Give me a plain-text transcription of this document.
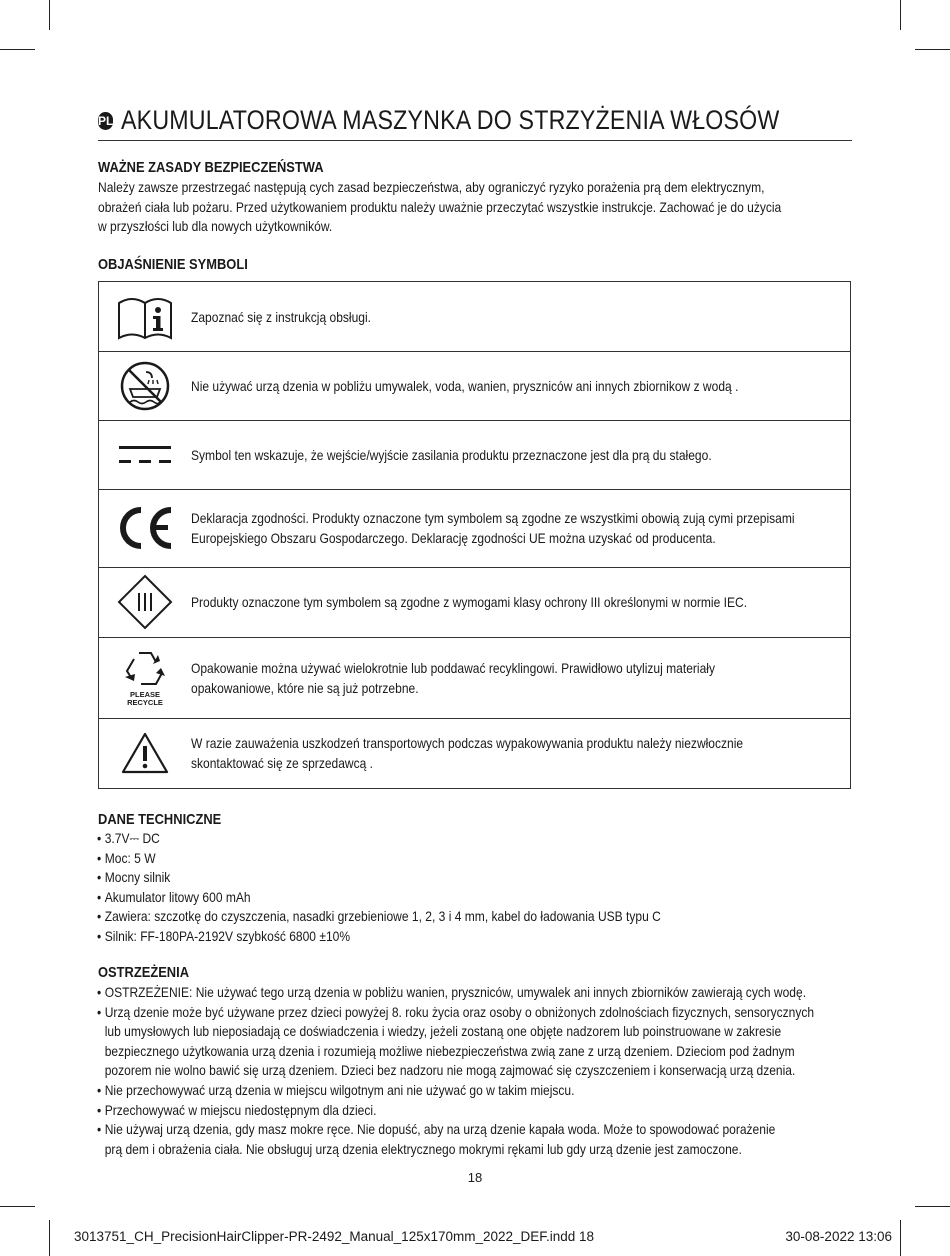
PL AKUMULATOROWA MASZYNKA DO STRZYŻENIA WŁOSÓW
WAŻNE ZASADY BEZPIECZEŃSTWA
Należy zawsze przestrzegać następują cych zasad bezpieczeństwa, aby ograniczyć ryzyko porażenia prą dem elektrycznym,
obrażeń ciała lub pożaru. Przed użytkowaniem produktu należy uważnie przeczytać wszystkie instrukcje. Zachować je do użycia
w przyszłości lub dla nowych użytkowników.
OBJAŚNIENIE SYMBOLI
Zapoznać się z instrukcją obsługi.
Nie używać urzą dzenia w pobliżu umywalek, voda, wanien, pryszniców ani innych zbiornikow z wodą .
Symbol ten wskazuje, że wejście/wyjście zasilania produktu przeznaczone jest dla prą du stałego.
Deklaracja zgodności. Produkty oznaczone tym symbolem są zgodne ze wszystkimi obowią zują cymi przepisami
Europejskiego Obszaru Gospodarczego. Deklarację zgodności UE można uzyskać od producenta.
Produkty oznaczone tym symbolem są zgodne z wymogami klasy ochrony III określonymi w normie IEC.
PLEASE
RECYCLE
Opakowanie można używać wielokrotnie lub poddawać recyklingowi. Prawidłowo utylizuj materiały
opakowaniowe, które nie są już potrzebne.
W razie zauważenia uszkodzeń transportowych podczas wypakowywania produktu należy niezwłocznie
skontaktować się ze sprzedawcą .
DANE TECHNICZNE
• 3.7V⎓ DC
• Moc: 5 W
• Mocny silnik
• Akumulator litowy 600 mAh
• Zawiera: szczotkę do czyszczenia, nasadki grzebieniowe 1, 2, 3 i 4 mm, kabel do ładowania USB typu C
• Silnik: FF-180PA-2192V szybkość 6800 ±10%
OSTRZEŻENIA
• OSTRZEŻENIE: Nie używać tego urzą dzenia w pobliżu wanien, pryszniców, umywalek ani innych zbiorników zawierają cych wodę.
• Urzą dzenie może być używane przez dzieci powyżej 8. roku życia oraz osoby o obniżonych zdolnościach fizycznych, sensorycznych
lub umysłowych lub nieposiadają ce doświadczenia i wiedzy, jeżeli zostaną one objęte nadzorem lub poinstruowane w zakresie
bezpiecznego użytkowania urzą dzenia i rozumieją możliwe niebezpieczeństwa zwią zane z urzą dzeniem. Dzieciom pod żadnym
pozorem nie wolno bawić się urzą dzeniem. Dzieci bez nadzoru nie mogą zajmować się czyszczeniem i konserwacją urzą dzenia.
• Nie przechowywać urzą dzenia w miejscu wilgotnym ani nie używać go w takim miejscu.
• Przechowywać w miejscu niedostępnym dla dzieci.
• Nie używaj urzą dzenia, gdy masz mokre ręce. Nie dopuść, aby na urzą dzenie kapała woda. Może to spowodować porażenie
prą dem i obrażenia ciała. Nie obsługuj urzą dzenia elektrycznego mokrymi rękami lub gdy urzą dzenie jest zamoczone.
18
3013751_CH_PrecisionHairClipper-PR-2492_Manual_125x170mm_2022_DEF.indd 18	30-08-2022 13:06
